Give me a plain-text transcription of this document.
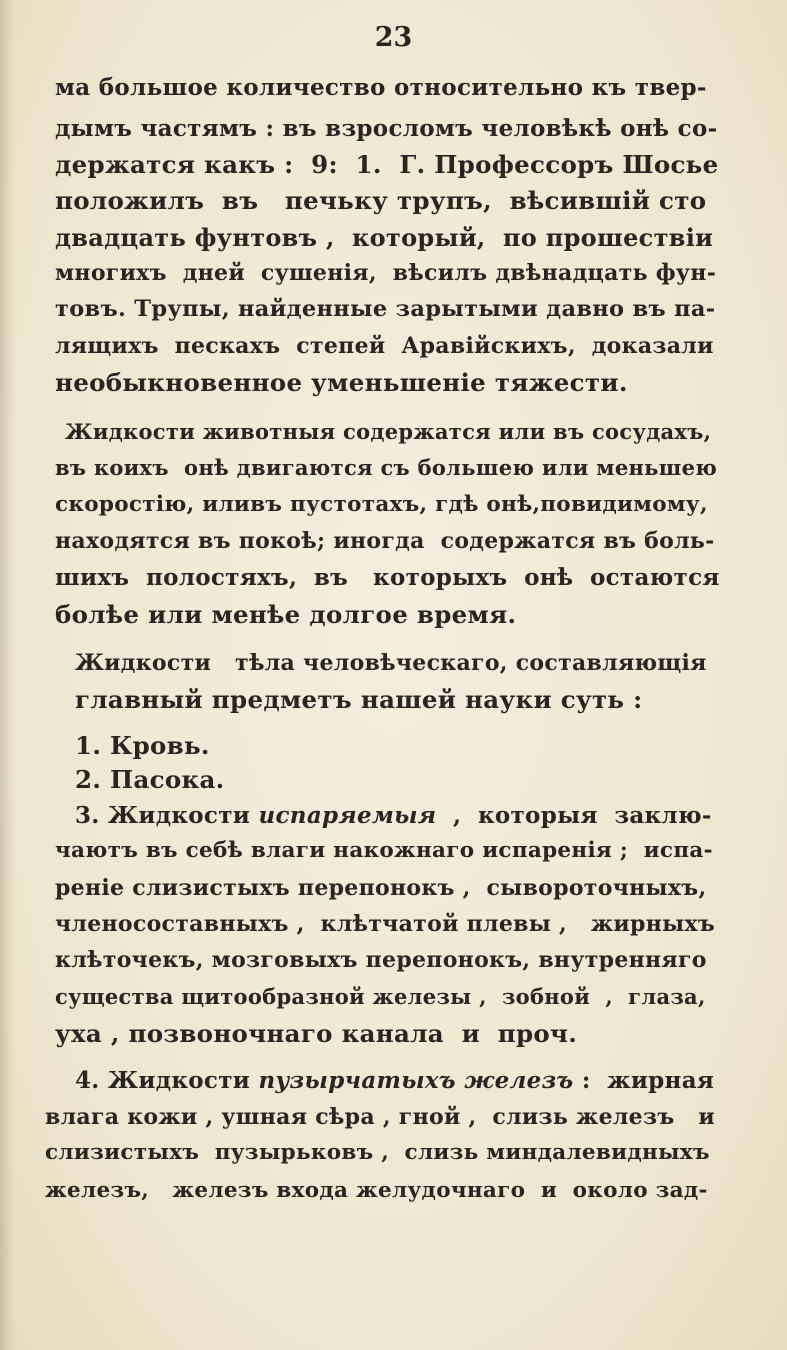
23
ма большое количество относительно къ твер-
дымъ частямъ : въ взросломъ человѣкѣ онѣ со-
держатся какъ :  9:  1.  Г. Профессоръ Шосье
положилъ  въ   печьку трупъ,  вѣсившій сто
двадцать фунтовъ ,  который,  по прошествіи
многихъ  дней  сушенія,  вѣсилъ двѣнадцать фун-
товъ. Трупы, найденные зарытыми давно въ па-
лящихъ  пескахъ  степей  Аравійскихъ,  доказали
необыкновенное уменьшеніе тяжести.
Жидкости животныя содержатся или въ сосудахъ,
въ коихъ  онѣ двигаются съ большею или меньшею
скоростію, иливъ пустотахъ, гдѣ онѣ,повидимому,
находятся въ покоѣ; иногда  содержатся въ боль-
шихъ  полостяхъ,  въ   которыхъ  онѣ  остаются
болѣе или менѣе долгое время.
Жидкости   тѣла человѣческаго, составляющія
главный предметъ нашей науки суть :
1. Кровь.
2. Пасока.
3. Жидкости испаряемыя  ,  которыя  заклю-
чаютъ въ себѣ влаги накожнаго испаренія ;  испа-
реніе слизистыхъ перепонокъ ,  сывороточныхъ,
членосоставныхъ ,  клѣтчатой плевы ,   жирныхъ
клѣточекъ, мозговыхъ перепонокъ, внутренняго
существа щитообразной железы ,  зобной  ,  глаза,
уха , позвоночнаго канала  и  проч.
4. Жидкости пузырчатыхъ железъ :  жирная
влага кожи , ушная сѣра , гной ,  слизь железъ   и
слизистыхъ  пузырьковъ ,  слизь миндалевидныхъ
железъ,   железъ входа желудочнаго  и  около зад-
